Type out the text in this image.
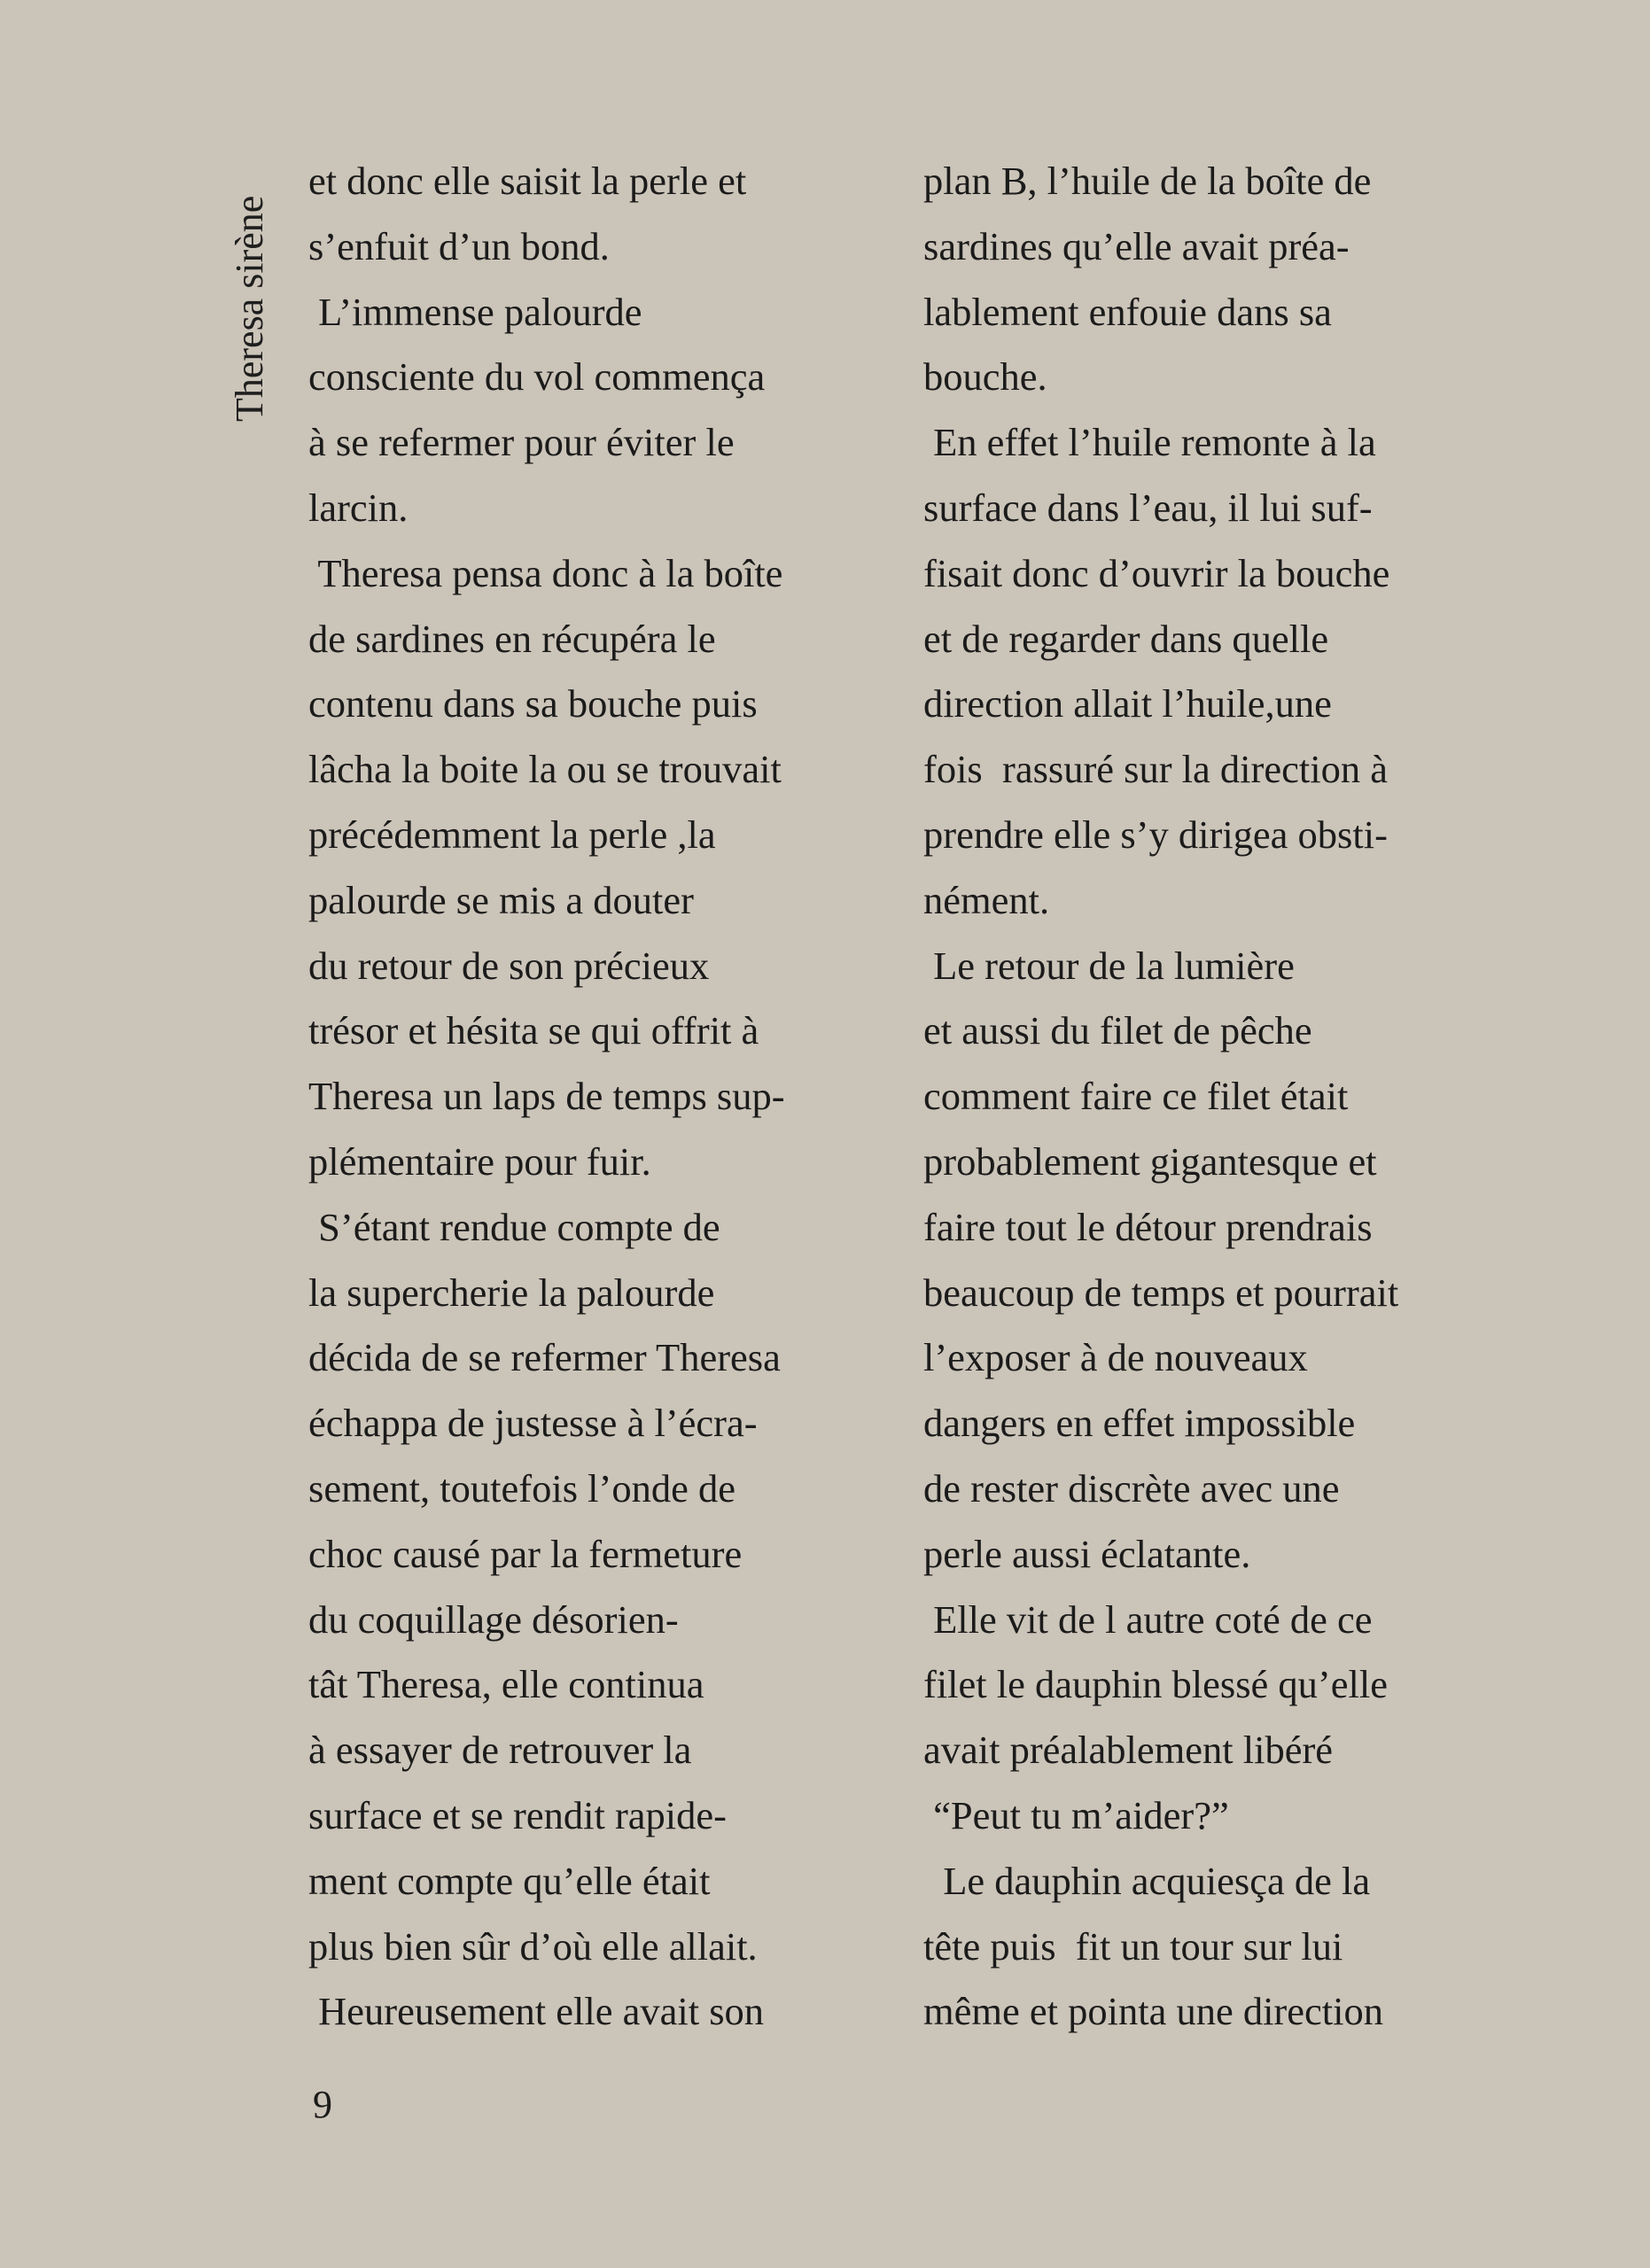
Theresa sirène
et donc elle saisit la perle et
s’enfuit d’un bond.
L’immense palourde
consciente du vol commença
à se refermer pour éviter le
larcin.
Theresa pensa donc à la boîte
de sardines en récupéra le
contenu dans sa bouche puis
lâcha la boite la ou se trouvait
précédemment la perle ,la
palourde se mis a douter
du retour de son précieux
trésor et hésita se qui offrit à
Theresa un laps de temps sup-
plémentaire pour fuir.
S’étant rendue compte de
la supercherie la palourde
décida de se refermer Theresa
échappa de justesse à l’écra-
sement, toutefois l’onde de
choc causé par la fermeture
du coquillage désorien-
tât Theresa, elle continua
à essayer de retrouver la
surface et se rendit rapide-
ment compte qu’elle était
plus bien sûr d’où elle allait.
Heureusement elle avait son
plan B, l’huile de la boîte de
sardines qu’elle avait préa-
lablement enfouie dans sa
bouche.
En effet l’huile remonte à la
surface dans l’eau, il lui suf-
fisait donc d’ouvrir la bouche
et de regarder dans quelle
direction allait l’huile,une
fois  rassuré sur la direction à
prendre elle s’y dirigea obsti-
nément.
Le retour de la lumière
et aussi du filet de pêche
comment faire ce filet était
probablement gigantesque et
faire tout le détour prendrais
beaucoup de temps et pourrait
l’exposer à de nouveaux
dangers en effet impossible
de rester discrète avec une
perle aussi éclatante.
Elle vit de l autre coté de ce
filet le dauphin blessé qu’elle
avait préalablement libéré
“Peut tu m’aider?”
Le dauphin acquiesça de la
tête puis  fit un tour sur lui
même et pointa une direction
9
